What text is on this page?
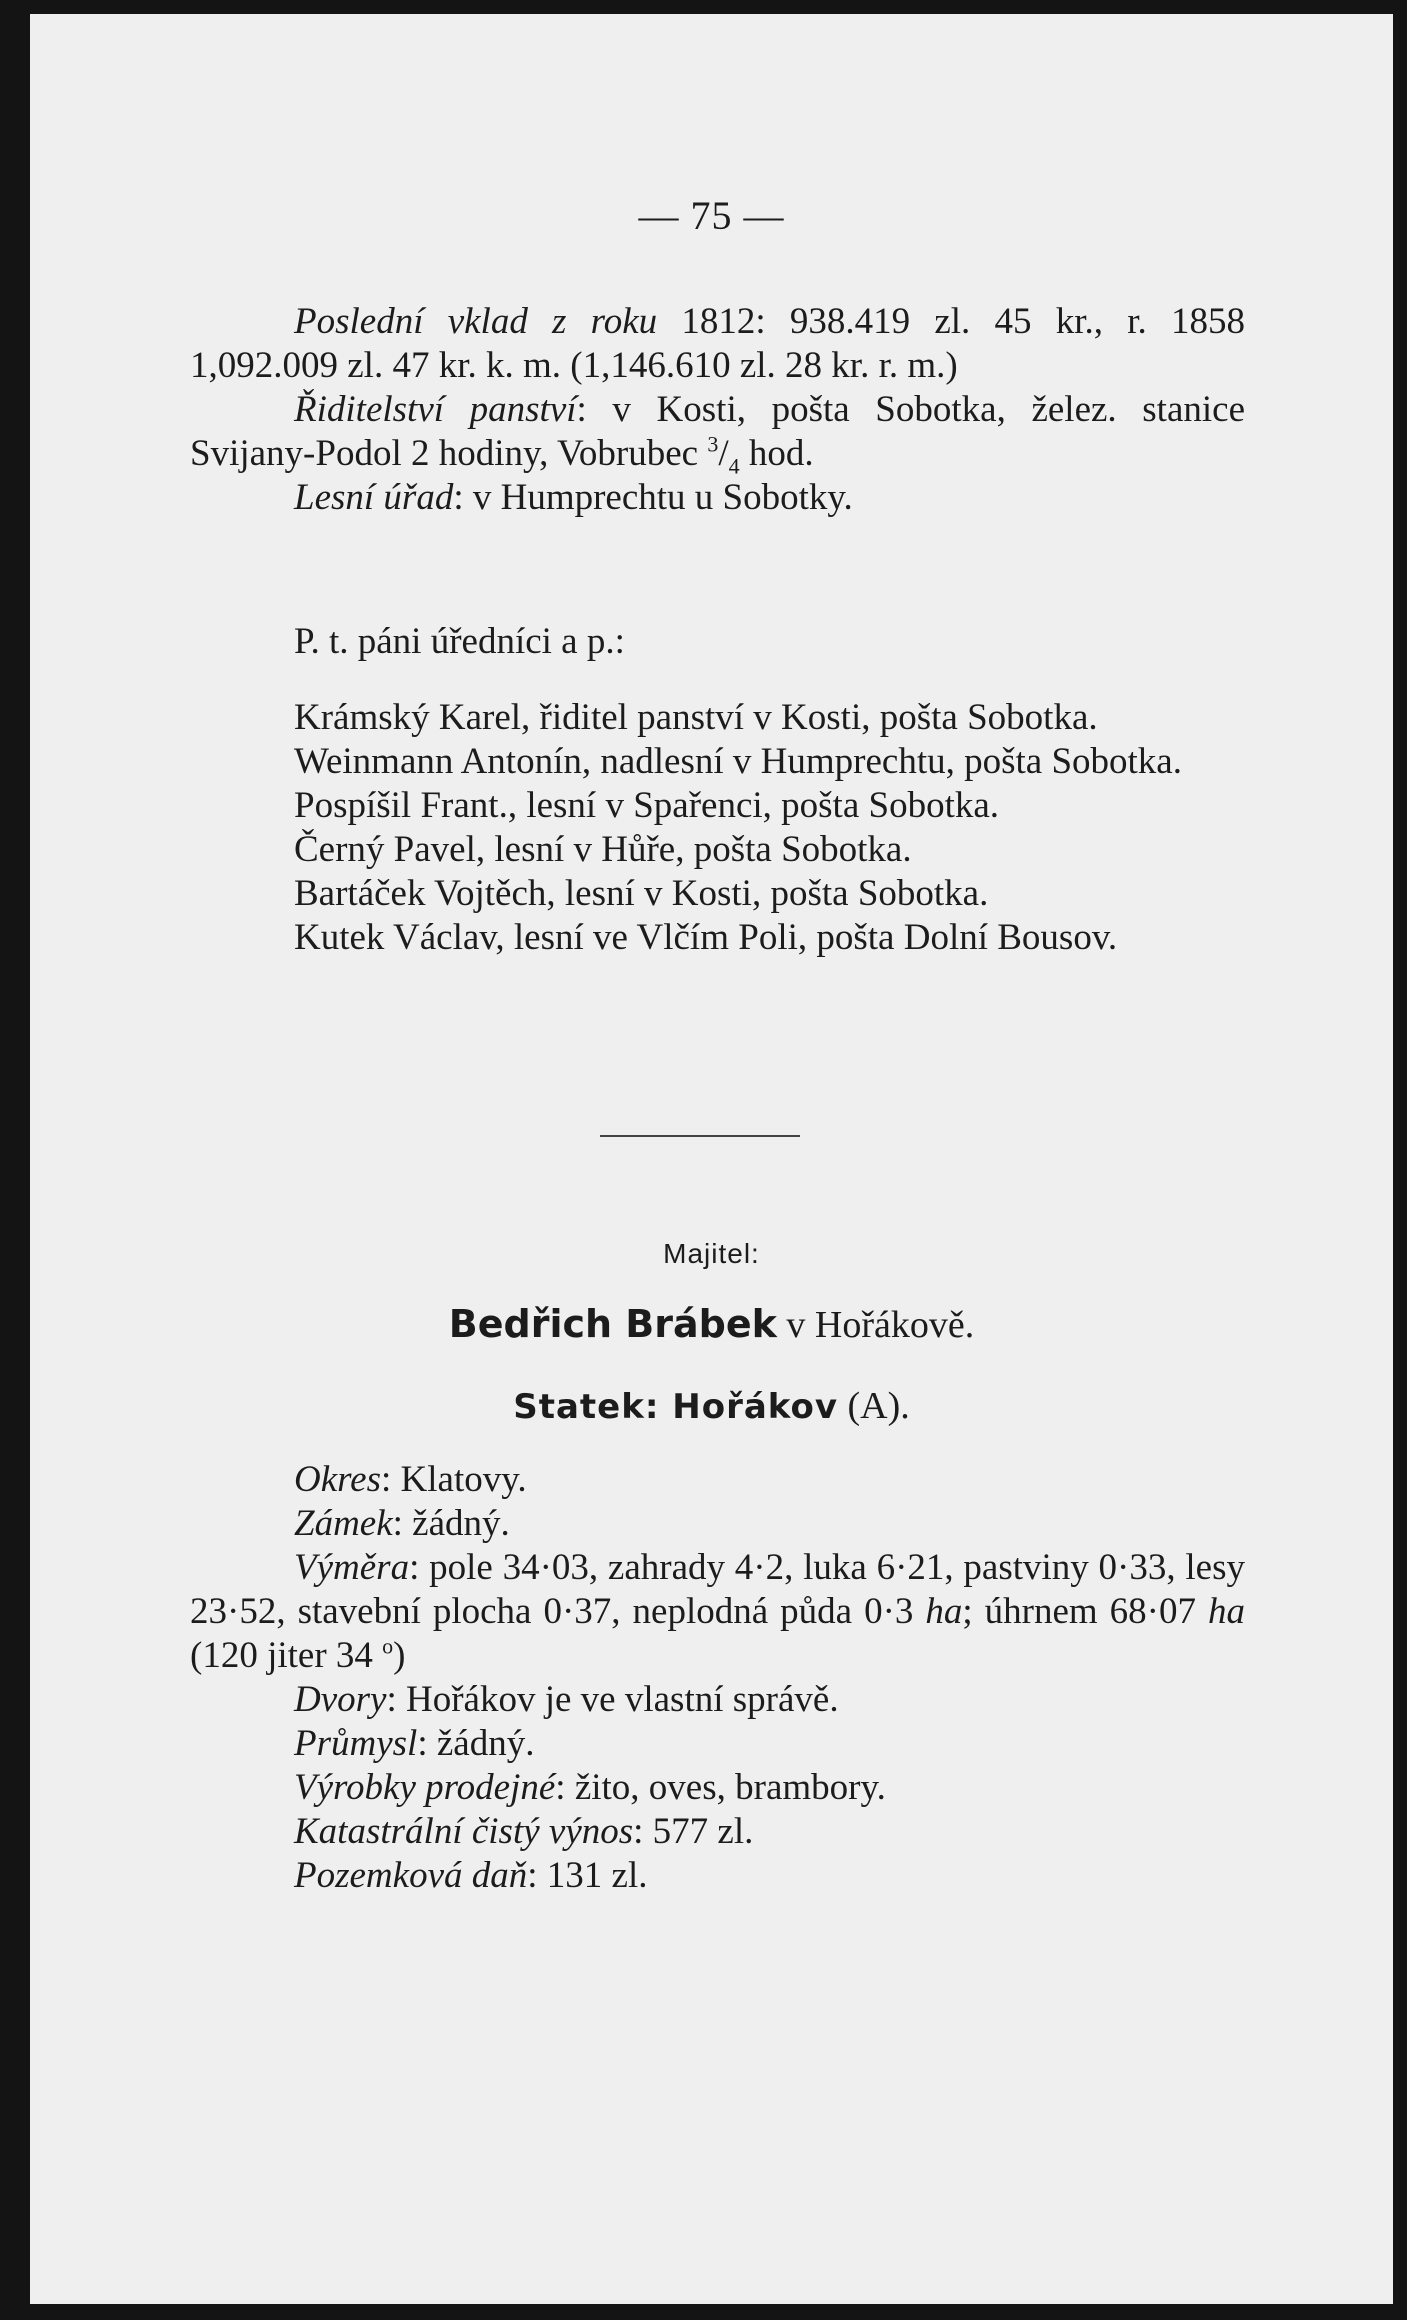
— 75 —

Poslední vklad z roku 1812: 938.419 zl. 45 kr., r. 1858 1,092.009 zl. 47 kr. k. m. (1,146.610 zl. 28 kr. r. m.)

Řiditelství panství: v Kosti, pošta Sobotka, želez. stanice Svijany-Podol 2 hodiny, Vobrubec $^3/_4$ hod.

Lesní úřad: v Humprechtu u Sobotky.

P. t. páni úředníci a p.:

Krámský Karel, řiditel panství v Kosti, pošta Sobotka.

Weinmann Antonín, nadlesní v Humprechtu, pošta Sobotka.

Pospíšil Frant., lesní v Spařenci, pošta Sobotka.

Černý Pavel, lesní v Hůře, pošta Sobotka.

Bartáček Vojtěch, lesní v Kosti, pošta Sobotka.

Kutek Václav, lesní ve Vlčím Poli, pošta Dolní Bousov.

Majitel:
Bedřich Brábek v Hořákově.
Statek: Hořákov (A).

Okres: Klatovy.

Zámek: žádný.

Výměra: pole 34·03, zahrady 4·2, luka 6·21, pastviny 0·33, lesy 23·52, stavební plocha 0·37, neplodná půda 0·3 ha; úhrnem 68·07 ha (120 jiter 34 $^o$)

Dvory: Hořákov je ve vlastní správě.

Průmysl: žádný.

Výrobky prodejné: žito, oves, brambory.

Katastrální čistý výnos: 577 zl.

Pozemková daň: 131 zl.
